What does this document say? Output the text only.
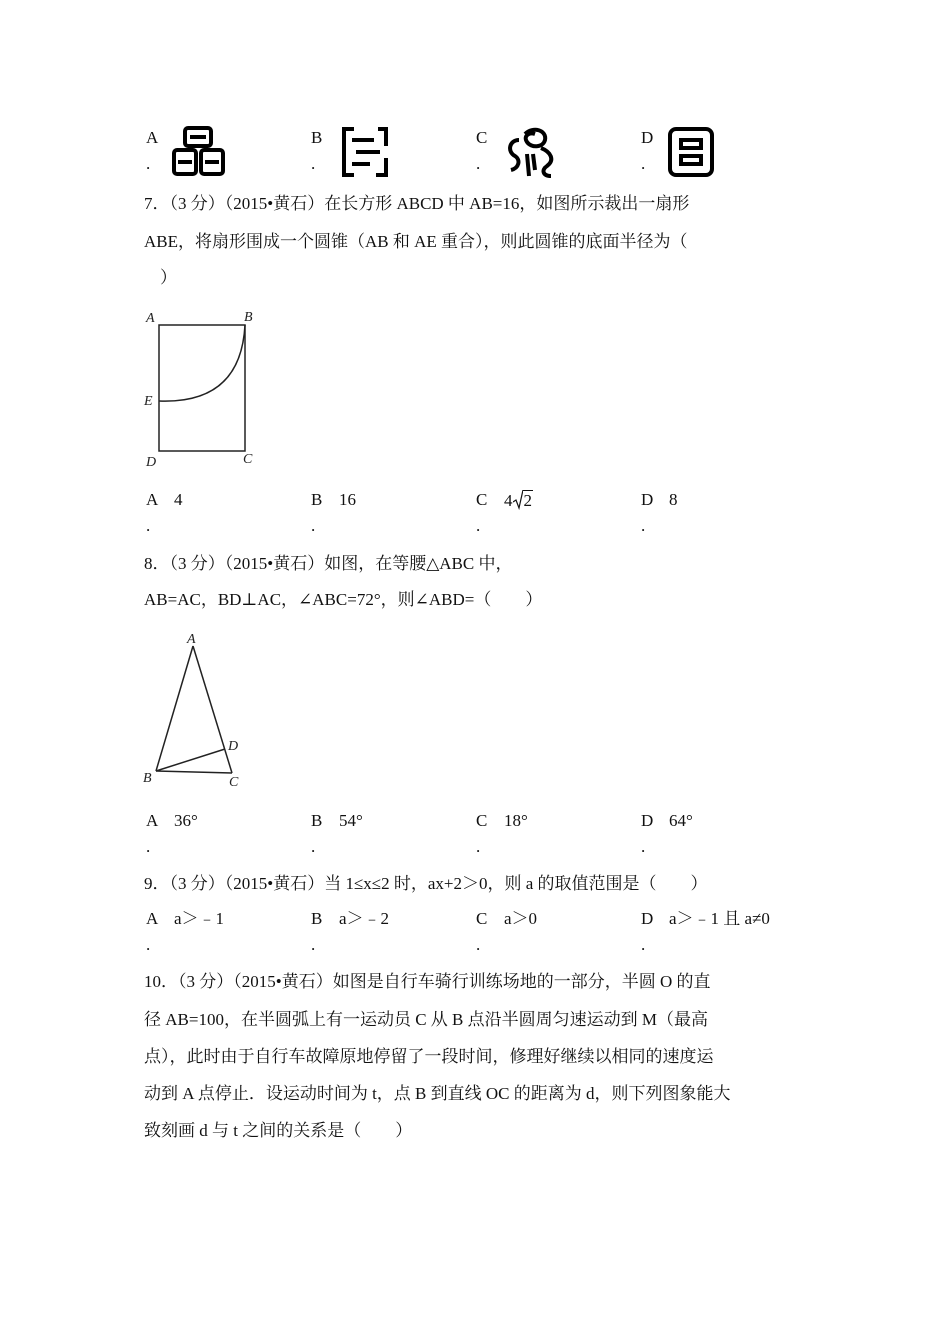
A
.
B
.
C
.
D
.
7．（3 分）（2015•黄石）在长方形 ABCD 中 AB=16，如图所示裁出一扇形
ABE，将扇形围成一个圆锥（AB 和 AE 重合），则此圆锥的底面半径为（
）
A	B
C
D
E
A 4
.
B 16
.
C 4 2
.
D 8
.
8．（3 分）（2015•黄石）如图，在等腰△ABC 中，
AB=AC，BD⊥AC，∠ABC=72°，则∠ABD=（　　）
A
B	C
D
A 36°
.
B 54°
.
C 18°
.
D 64°
.
9．（3 分）（2015•黄石）当 1≤x≤2 时，ax+2＞0，则 a 的取值范围是（　　）
A a＞﹣1
.
B a＞﹣2
.
C a＞0
.
D a＞﹣1 且 a≠0
.
10．（3 分）（2015•黄石）如图是自行车骑行训练场地的一部分，半圆 O 的直
径 AB=100，在半圆弧上有一运动员 C 从 B 点沿半圆周匀速运动到 M（最高
点），此时由于自行车故障原地停留了一段时间，修理好继续以相同的速度运
动到 A 点停止．设运动时间为 t，点 B 到直线 OC 的距离为 d，则下列图象能大
致刻画 d 与 t 之间的关系是（　　）
